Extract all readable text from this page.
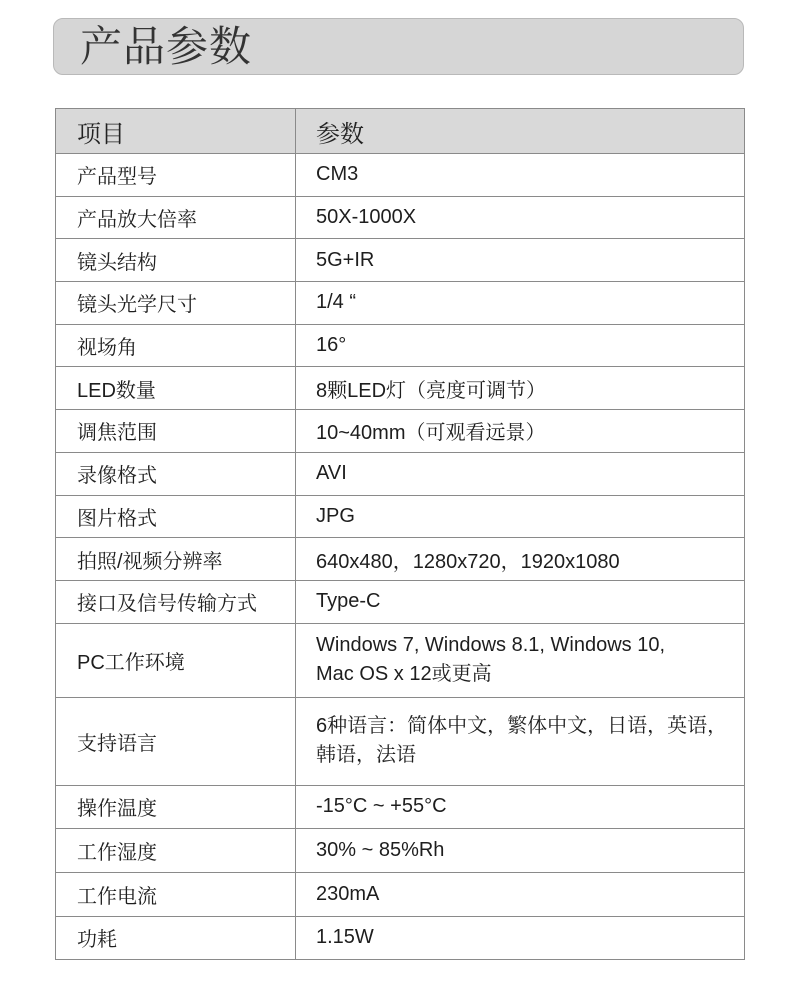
产品参数
项目	参数
产品型号	CM3
产品放大倍率	50X-1000X
镜头结构	5G+IR
镜头光学尺寸	1/4 “
视场角	16°
LED数量	8颗LED灯（亮度可调节）
调焦范围	10~40mm（可观看远景）
录像格式	AVI
图片格式	JPG
拍照/视频分辨率	640x480，1280x720，1920x1080
接口及信号传输方式	Type-C
PC工作环境	Windows 7, Windows 8.1, Windows 10,
Mac OS x 12或更高

支持语言	6种语言：简体中文，繁体中文，日语，英语，
韩语，法语

操作温度	-15°C ~ +55°C
工作湿度	30% ~ 85%Rh
工作电流	230mA
功耗	1.15W
